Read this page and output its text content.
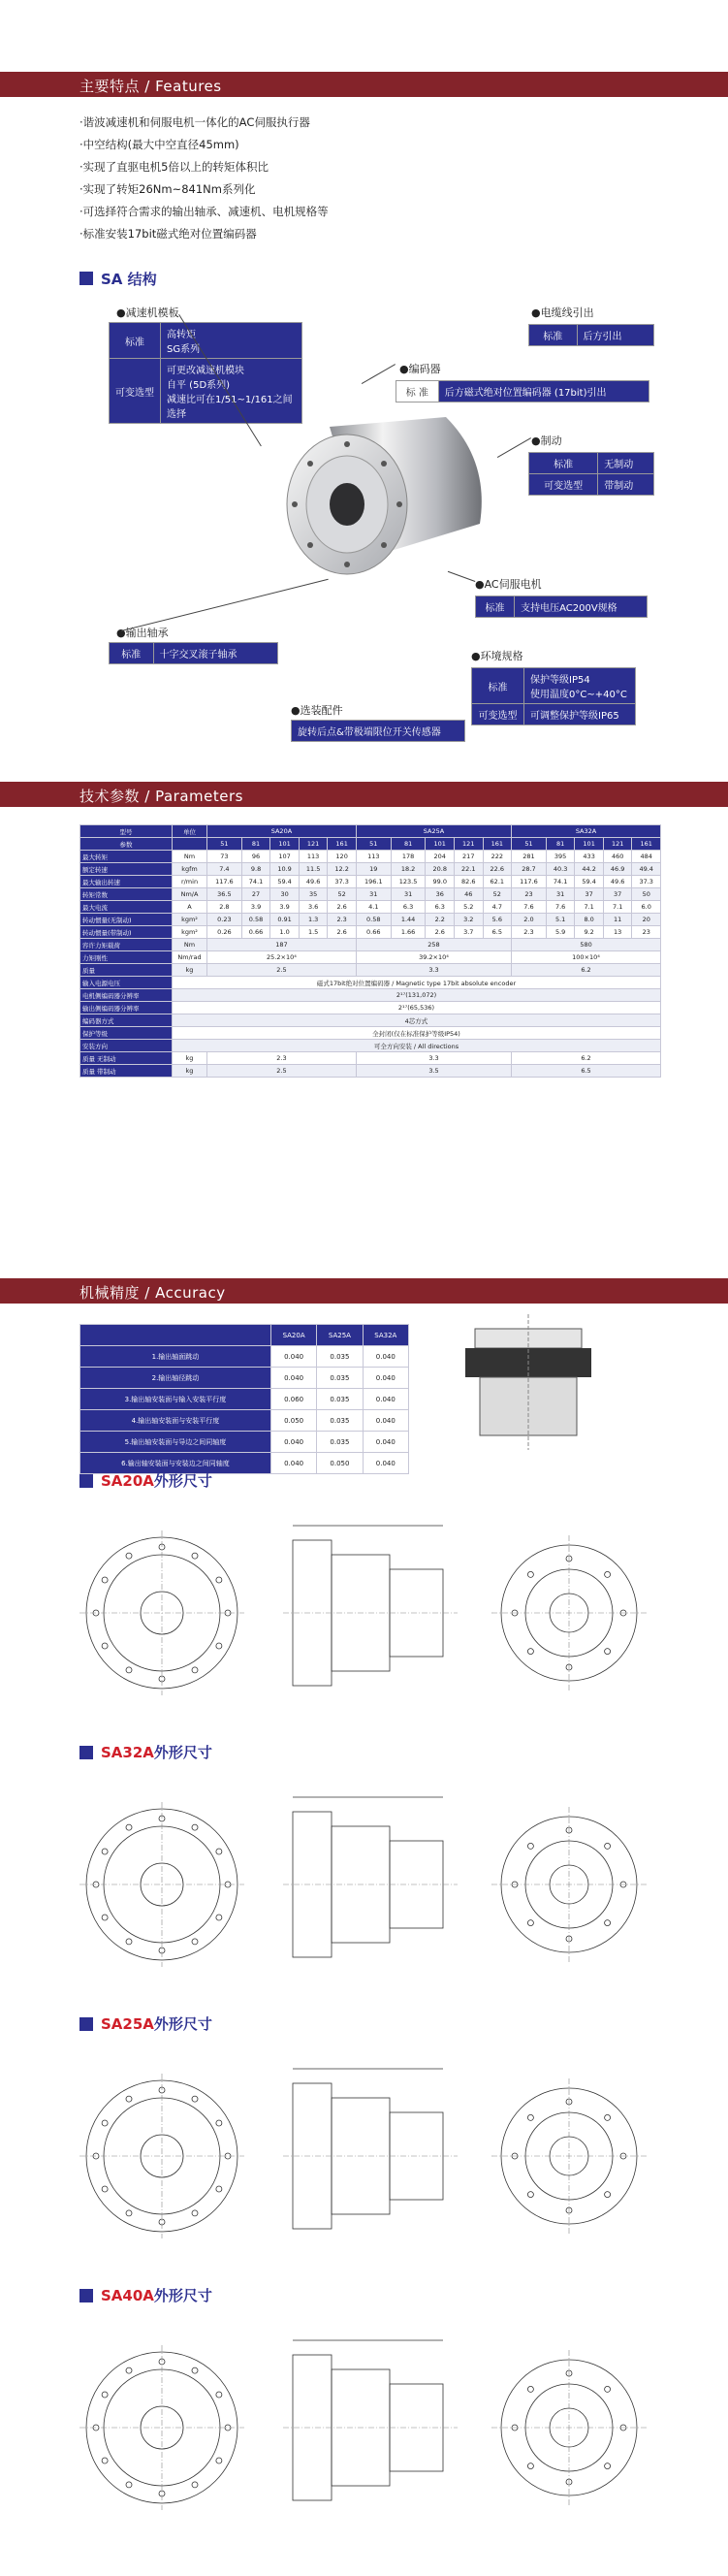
主要特点 / Features
·谐波减速机和伺服电机一体化的AC伺服执行器
·中空结构(最大中空直径45mm)
·实现了直驱电机5倍以上的转矩体积比
·实现了转矩26Nm~841Nm系列化
·可选择符合需求的输出轴承、减速机、电机规格等
·标准安装17bit磁式绝对位置编码器
SA 结构
●减速机模板
标准	高转矩
SG系列
可变选型	可更改减速机模块
自平 (5D系列)
减速比可在1/51~1/161之间选择
●电缆线引出
标准	后方引出
●编码器
标 准	后方磁式绝对位置编码器 (17bit)引出
●制动
标准	无制动
可变选型	带制动
●AC伺服电机
标准	支持电压AC200V规格
●输出轴承
标准	十字交叉滚子轴承	●环境规格
标准	保护等级IP54
使用温度0°C~+40°C
可变选型	可调整保护等级IP65
●选装配件
旋转后点&带极端限位开关传感器
技术参数 / Parameters
型号	单位	SA20A					SA25A					SA32A				
参数		51	81	101	121	161	51	81	101	121	161	51	81	101	121	161
最大转矩	Nm	73	96	107	113	120	113	178	204	217	222	281	395	433	460	484
额定转速	kgfm	7.4	9.8	10.9	11.5	12.2	19	18.2	20.8	22.1	22.6	28.7	40.3	44.2	46.9	49.4
最大输出转速	r/min	117.6	74.1	59.4	49.6	37.3	196.1	123.5	99.0	82.6	62.1	117.6	74.1	59.4	49.6	37.3
转矩常数	Nm/A	36.5	27	30	35	52	31	31	36	46	52	23	31	37	37	50
最大电流	A	2.8	3.9	3.9	3.6	2.6	4.1	6.3	6.3	5.2	4.7	7.6	7.6	7.1	7.1	6.0
转动惯量(无制动)	kgm²	0.23	0.58	0.91	1.3	2.3	0.58	1.44	2.2	3.2	5.6	2.0	5.1	8.0	11	20
转动惯量(带制动)	kgm²	0.26	0.66	1.0	1.5	2.6	0.66	1.66	2.6	3.7	6.5	2.3	5.9	9.2	13	23
容许力矩载荷	Nm	187					258					580				
力矩刚性	Nm/rad	25.2×10⁴					39.2×10⁴					100×10⁴				
质量	kg	2.5					3.3					6.2				
输入电源电压	磁式17bit绝对位置编码器 / Magnetic type 17bit absolute encoder															
电机侧编码器分辨率	2¹⁷(131,072)															
输出侧编码器分辨率	2¹⁷(65,536)															
编码器方式	4芯方式															
保护等级	全封闭(仅在标准保护等级IP54)															
安装方向	可全方向安装 / All directions															
质量 无制动	kg	2.3					3.3					6.2				
质量 带制动	kg	2.5					3.5					6.5				
机械精度 / Accuracy
	SA20A	SA25A	SA32A
1.输出轴面跳动	0.040	0.035	0.040
2.输出轴径跳动	0.040	0.035	0.040
3.输出轴安装面与输入安装平行度	0.060	0.035	0.040
4.输出轴安装面与安装平行度	0.050	0.035	0.040
5.输出轴安装面与导边之间同轴度	0.040	0.035	0.040
6.输出轴安装面与安装边之间同轴度	0.040	0.050	0.040
SA20A外形尺寸
SA32A外形尺寸
SA25A外形尺寸
SA40A外形尺寸
